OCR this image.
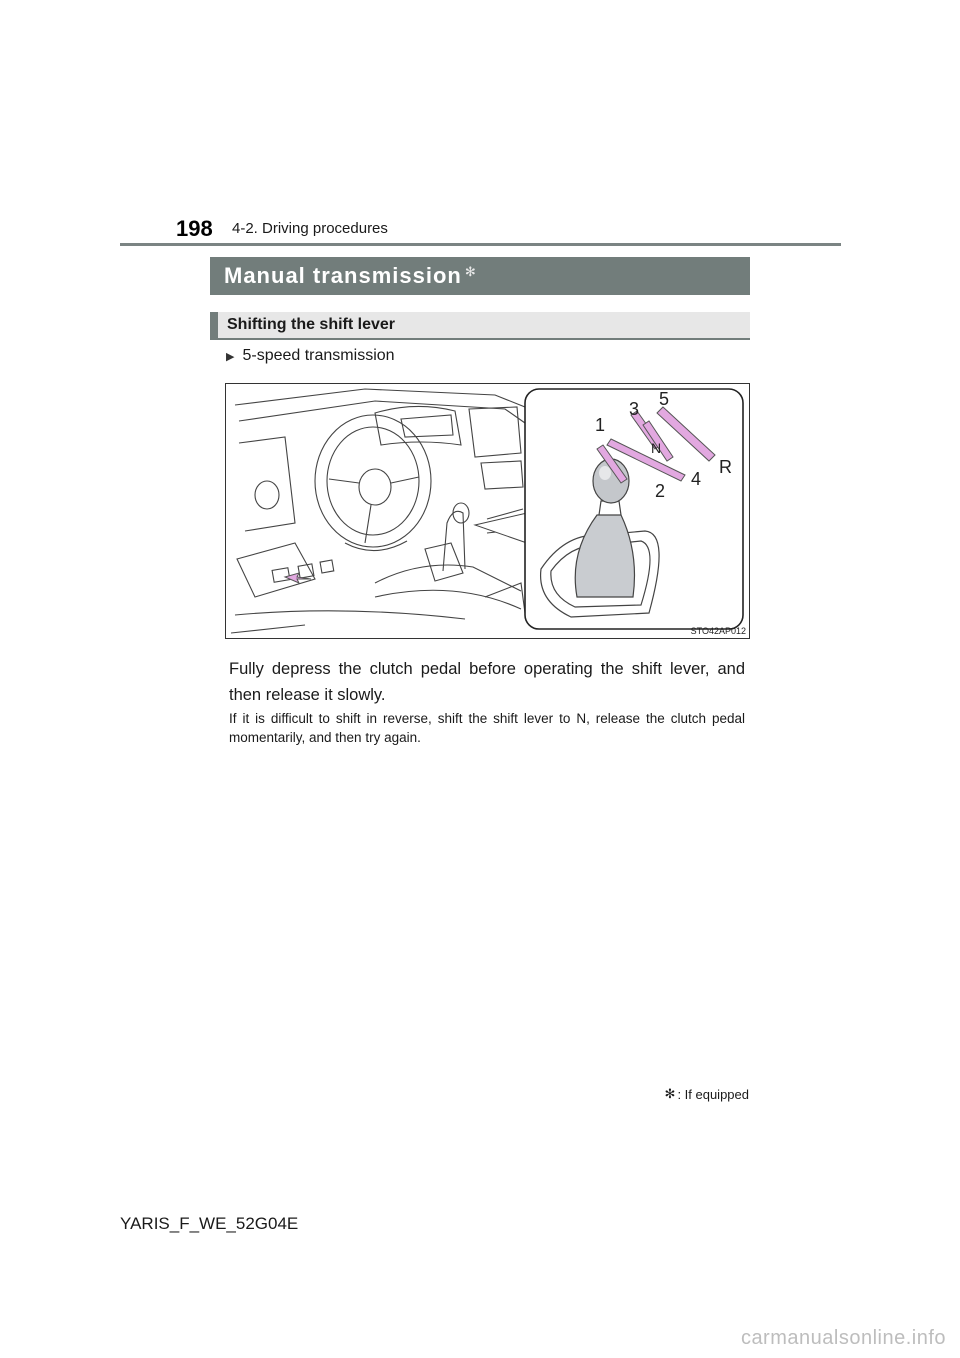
198 4-2. Driving procedures
Manual transmission ✻
Shifting the shift lever
▶ 5-speed transmission
1
3 5
N
2
4
R
STO42AP012

Fully depress the clutch pedal before operating the shift lever, and then release it slowly.

If it is difficult to shift in reverse, shift the shift lever to N, release the clutch pedal momentarily, and then try again.

✻ : If equipped
YARIS_F_WE_52G04E
carmanualsonline.info
